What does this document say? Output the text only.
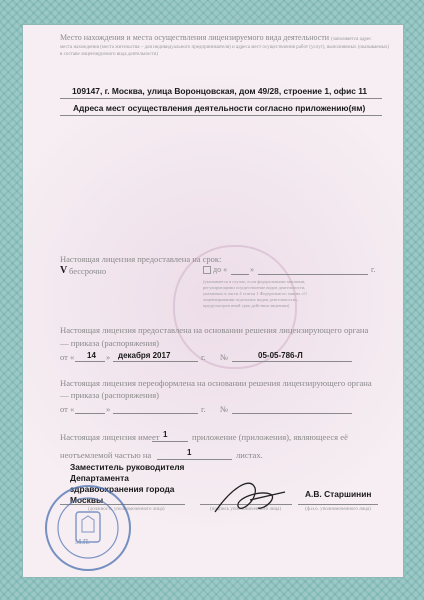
Место нахождения и места осуществления лицензируемого вида деятельности (заполняется адрес
места нахождения (места жительства – для индивидуального предпринимателя) и адреса мест осуществления работ (услуг), выполняемых (оказываемых)
в составе лицензируемого вида деятельности)
109147, г. Москва, улица Воронцовская, дом 49/28, строение 1, офис 11
Адреса мест осуществления деятельности согласно приложению(ям)
Настоящая лицензия предоставлена на срок:
V бессрочно	до «	»	г.
(указывается в случае, если федеральными законами, регулирующими осуществление видов деятельности, указанных в части 4 статьи 1 Федерального закона «О лицензировании отдельных видов деятельности», предусмотрен иной срок действия лицензии)
Настоящая лицензия предоставлена на основании решения лицензирующего органа
— приказа (распоряжения)
от « 14 » декабря 2017	г. №	05-05-786-Л
Настоящая лицензия переоформлена на основании решения лицензирующего органа
— приказа (распоряжения)
от «	»	г. №
Настоящая лицензия имеет 1	приложение (приложения), являющееся её
неотъемлемой частью на	1	листах.
Заместитель руководителя
Департамента
здравоохранения города
Москвы
(должность уполномоченного лица)	(подпись уполномоченного лица)
А.В. Старшинин
(ф.и.о. уполномоченного лица)
М.П.
